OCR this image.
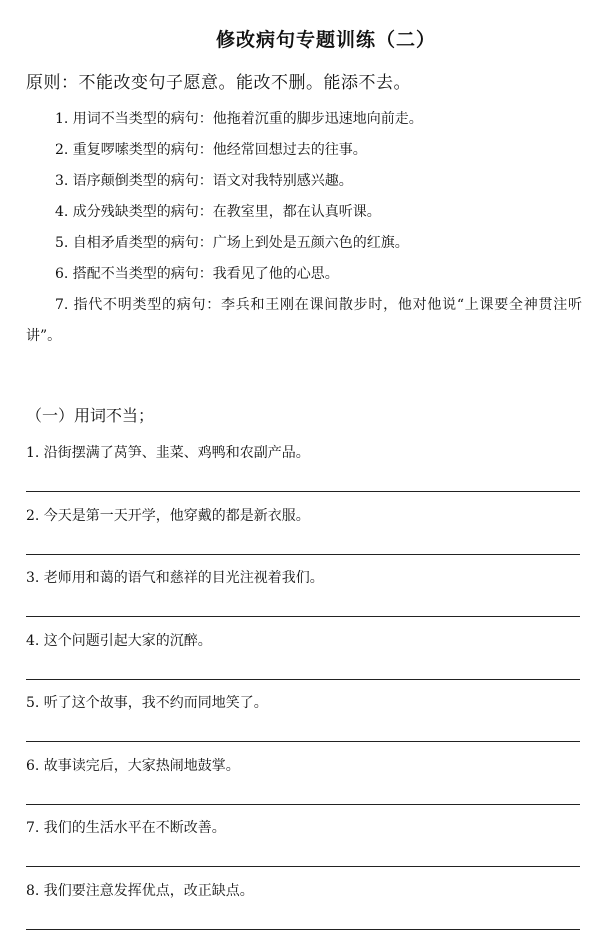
修改病句专题训练（二）
原则：不能改变句子愿意。能改不删。能添不去。
1. 用词不当类型的病句：他拖着沉重的脚步迅速地向前走。
2. 重复啰嗦类型的病句：他经常回想过去的往事。
3. 语序颠倒类型的病句：语文对我特别感兴趣。
4. 成分残缺类型的病句：在教室里，都在认真听课。
5. 自相矛盾类型的病句：广场上到处是五颜六色的红旗。
6. 搭配不当类型的病句：我看见了他的心思。
7. 指代不明类型的病句：李兵和王刚在课间散步时，他对他说“上课要全神贯注听讲”。
（一）用词不当；
1. 沿街摆满了莴笋、韭菜、鸡鸭和农副产品。
2. 今天是第一天开学，他穿戴的都是新衣服。
3. 老师用和蔼的语气和慈祥的目光注视着我们。
4. 这个问题引起大家的沉醉。
5. 听了这个故事，我不约而同地笑了。
6. 故事读完后，大家热闹地鼓掌。
7. 我们的生活水平在不断改善。
8. 我们要注意发挥优点，改正缺点。
